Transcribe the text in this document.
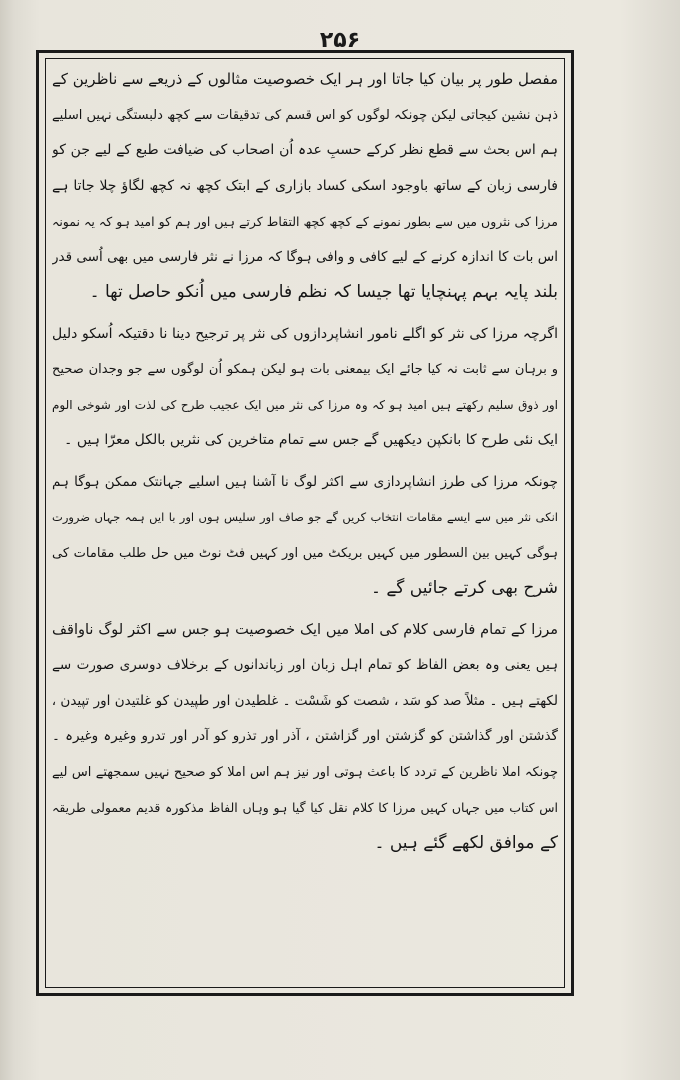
۲۵۶
مفصل طور پر بیان کیا جاتا اور ہر ایک خصوصیت مثالوں کے ذریعے سے ناظرین کے
ذہن نشین کیجاتی لیکن چونکہ لوگوں کو اس قسم کی تدقیقات سے کچھ دلبستگی نہیں اسلیے
ہم اس بحث سے قطع نظر کرکے حسبِ عدہ اُن اصحاب کی ضیافت طبع کے لیے جن کو
فارسی زبان کے ساتھ باوجود اسکی کساد بازاری کے ابتک کچھ نہ کچھ لگاؤ چلا جاتا ہے
مرزا کی نثروں میں سے بطور نمونے کے کچھ کچھ التقاط کرتے ہیں اور ہم کو امید ہو کہ یہ نمونہ
اس بات کا اندازہ کرنے کے لیے کافی و وافی ہوگا کہ مرزا نے نثر فارسی میں بھی اُسی قدر
بلند پایہ بہم پہنچایا تھا جیسا کہ نظم فارسی میں اُنکو حاصل تھا ۔
اگرچہ مرزا کی نثر کو اگلے نامور انشاپردازوں کی نثر پر ترجیح دینا نا دقتیکہ اُسکو دلیل
و برہان سے ثابت نہ کیا جائے ایک بیمعنی بات ہو لیکن ہمکو اُن لوگوں سے جو وجدان صحیح
اور ذوق سلیم رکھتے ہیں امید ہو کہ وہ مرزا کی نثر میں ایک عجیب طرح کی لذت اور شوخی الوم
ایک نئی طرح کا بانکپن دیکھیں گے جس سے تمام متاخرین کی نثریں بالکل معرّا ہیں ۔
چونکہ مرزا کی طرز انشاپردازی سے اکثر لوگ نا آشنا ہیں اسلیے جہانتک ممکن ہوگا ہم
انکی نثر میں سے ایسے مقامات انتخاب کریں گے جو صاف اور سلیس ہوں اور با ایں ہمہ جہاں ضرورت
ہوگی کہیں بین السطور میں کہیں بریکٹ میں اور کہیں فٹ نوٹ میں حل طلب مقامات کی
شرح بھی کرتے جائیں گے ۔
مرزا کے تمام فارسی کلام کی املا میں ایک خصوصیت ہو جس سے اکثر لوگ ناواقف
ہیں یعنی وہ بعض الفاظ کو تمام اہل زبان اور زباندانوں کے برخلاف دوسری صورت سے
لکھتے ہیں ۔ مثلاً صد کو سَد ، شصت کو شَسْت ۔ غلطیدن اور طپیدن کو غلتیدن اور تپیدن ،
گذشتن اور گذاشتن کو گزشتن اور گزاشتن ، آذر اور تذرو کو آدر اور تدرو وغیرہ وغیرہ ۔
چونکہ املا ناظرین کے تردد کا باعث ہوتی اور نیز ہم اس املا کو صحیح نہیں سمجھتے اس لیے
اس کتاب میں جہاں کہیں مرزا کا کلام نقل کیا گیا ہو وہاں الفاظ مذکورہ قدیم معمولی طریقہ
کے موافق لکھے گئے ہیں ۔
